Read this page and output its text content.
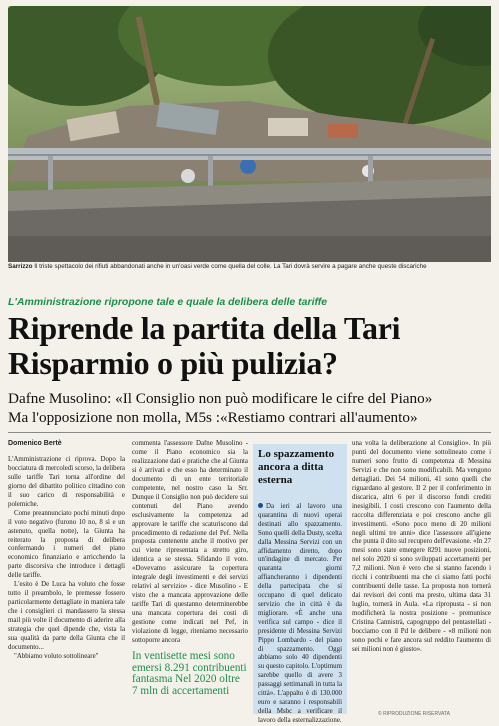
Sarrizzo Il triste spettacolo dei rifiuti abbandonati anche in un'oasi verde come quella del colle. La Tari dovrà servire a pagare anche queste discariche
L'Amministrazione ripropone tale e quale la delibera delle tariffe
Riprende la partita della Tari
Risparmio o più pulizia?
Dafne Musolino: «Il Consiglio non può modificare le cifre del Piano»
Ma l'opposizione non molla, M5s :«Restiamo contrari all'aumento»
Domenico Bertè

L'Amministrazione ci riprova. Dopo la bocciatura di mercoledì scorso, la delibera sulle tariffe Tari torna all'ordine del giorno del dibattito politico cittadino con il suo carico di responsabilità e polemiche.

Come preannunciato pochi minuti dopo il voto negativo (furono 10 no, 8 sì e un astenuto, quella notte), la Giunta ha reiterato la proposta di delibera confermando i numeri del piano economico finanziario e arricchendo la parte discorsiva che introduce i dettagli delle tariffe.

L'esito è De Luca ha voluto che fosse tutto il preambolo, le premesse fossero particolarmente dettagliate in maniera tale che i consiglieri ci mandassero la stessa mail più volte il documento di aderire alla strategia che quel dipende che, vista la sua qualità da parte della Giunta che il documento...

"Abbiamo voluto sottolineare"

commenta l'assessore Dafne Musolino - come il Piano economico sia la realizzazione dati e pratiche che al Giunta si è arrivati e che esso ha determinato il documento di un ente territoriale competente, nel nostro caso la Srr. Dunque il Consiglio non può decidere sui contenuti del Piano avendo esclusivamente la competenza ad approvare le tariffe che scaturiscono dal procedimento di redazione del Pef. Nella proposta contenente anche il motivo per cui viene ripresentata a stretto giro, identica a se stessa. Sfidando il voto. «Dovevamo assicurare la copertura integrale degli investimenti e dei servizi relativi al servizio» - dice Musolino - E visto che a mancata approvazione delle tariffe Tari di questanno determinerebbe una mancata copertura dei costi di gestione come indicati nel Pef, in violazione di legge, riteniamo necessario sottoporre ancora

In ventisette mesi sono emersi 8.291 contribuenti fantasma Nel 2020 oltre 7 mln di accertamenti
Lo spazzamento ancora a ditta esterna
Da ieri al lavoro una quarantina di nuovi operai destinati allo spazzamento. Sono quelli della Dusty, scelta dalla Messina Servizi con un affidamento diretto, dopo un'indagine di mercato. Per quaranta giorni affiancheranno i dipendenti della partecipata che si occupano di quel delicato servizio che in città è da migliorare. «È anche una verifica sul campo - dice il presidente di Messina Servizi Pippo Lombardo - del piano di spazzamento. Oggi abbiamo solo 40 dipendenti su questo capitolo. L'optimum sarebbe quello di avere 3 passaggi settimanali in tutta la città». L'appalto è di 130.000 euro e saranno i responsabili della Msbc a verificare il lavoro della esternalizzazione.

una volta la deliberazione al Consiglio». In più punti del documento viene sottolineato come i numeri sono frutto di competenza di Messina Servizi e che non sono modificabili. Ma vengono dettagliati. Dei 54 milioni, 41 sono quelli che riguardano al gestore. Il 2 per il conferimento in discarica, altri 6 per il discorso fondi crediti inesigibili. I costi crescono con l'aumento della raccolta differenziata e poi crescono anche gli investimenti. «Sono poco meno di 20 milioni negli ultimi tre anni» dice l'assessore all'igiene che punta il dito sul recupero dell'evasione. «In 27 mesi sono state emergere 8291 nuove posizioni, nel solo 2020 si sono sviluppati accertamenti per 7,2 milioni. Non è vero che si stanno facendo i ricchi i contribuenti ma che ci siamo fatti pochi contribuenti delle tasse. La proposta non tornerà dai revisori dei conti ma presto, ultima data 31 luglio, tornerà in Aula. «La ripropusta - si non modificherà la nostra posizione - premunisce Cristina Cannistrà, capogruppo del pentastellati - bocciamo con il Pd le delibere - «8 milioni non sono pochi e fare ancora sul reddito l'aumento di sei milioni non è giusto».

© RIPRODUZIONE RISERVATA
